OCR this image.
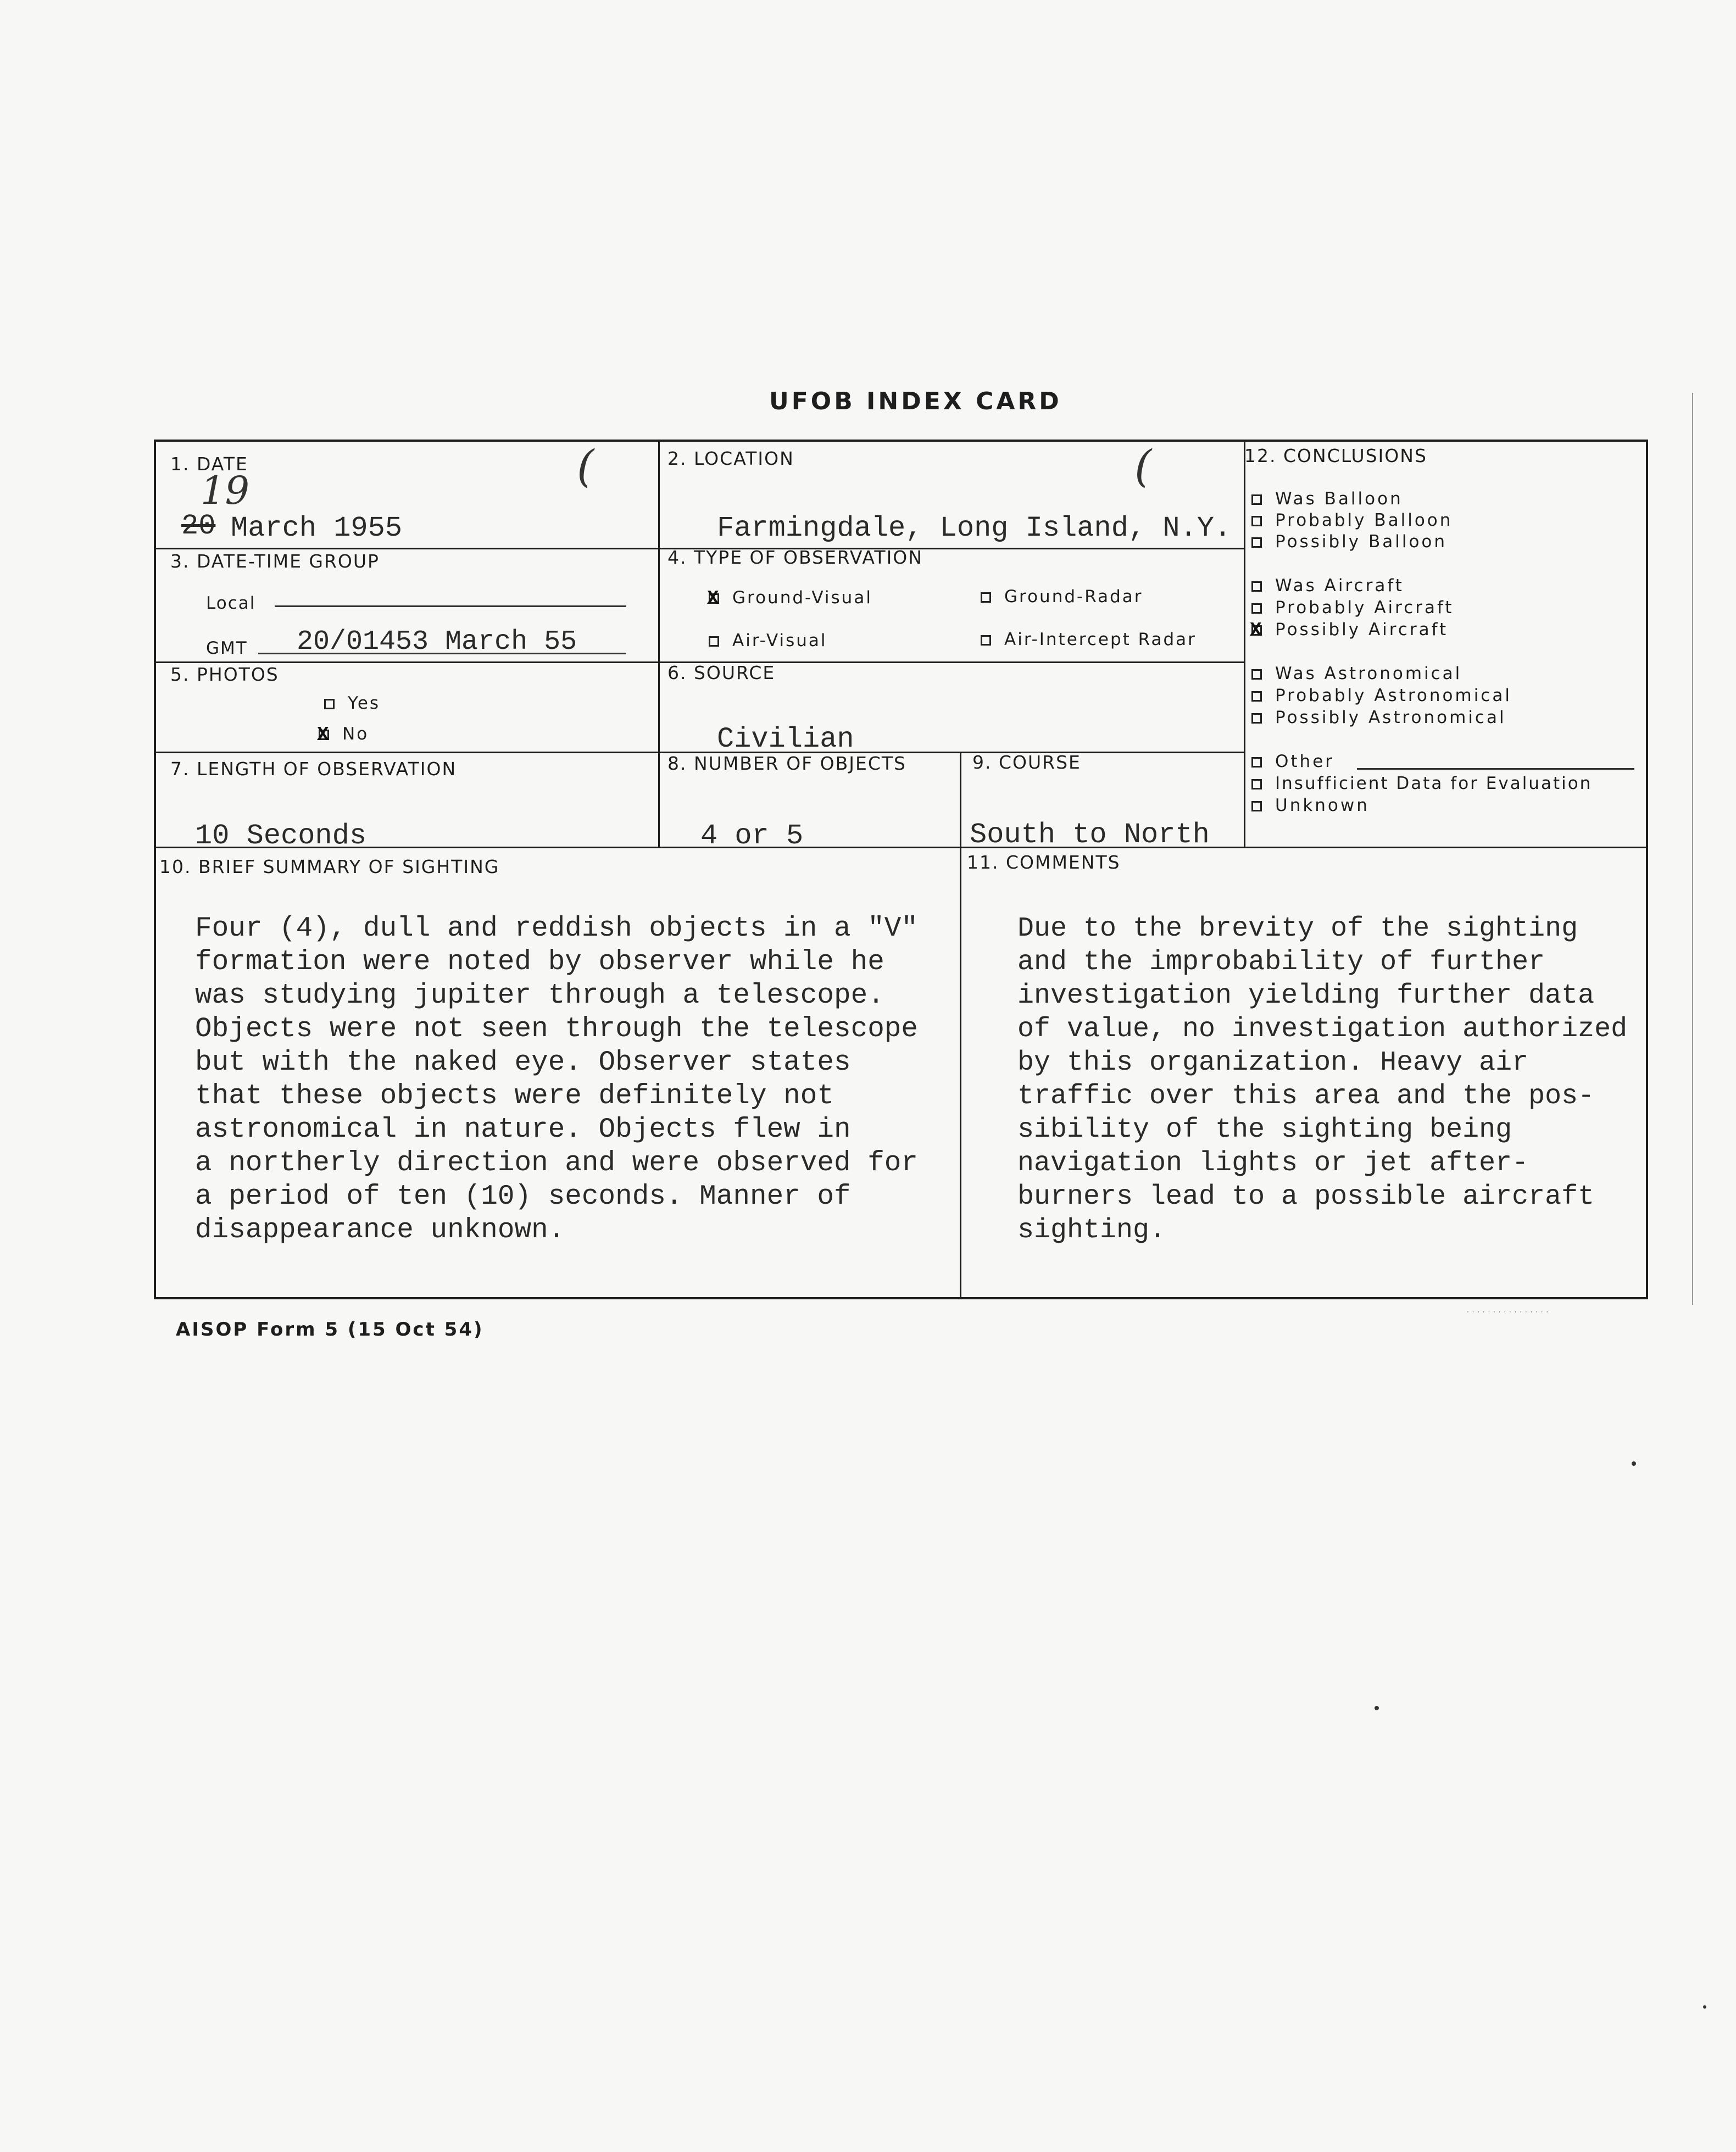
UFOB INDEX CARD
1. DATE
19
20 March 1955
(	2. LOCATION
Farmingdale, Long Island, N.Y.
(
3. DATE-TIME GROUP
Local
GMT 20/01453 March 55
4. TYPE OF OBSERVATION
XGround-Visual	Ground-Radar
Air-Visual	Air-Intercept Radar
5. PHOTOS
Yes
XNo
6. SOURCE
Civilian
7. LENGTH OF OBSERVATION
10 Seconds
8. NUMBER OF OBJECTS
4 or 5
9. COURSE
South to North
10. BRIEF SUMMARY OF SIGHTING
Four (4), dull and reddish objects in a "V"
formation were noted by observer while he
was studying jupiter through a telescope.
Objects were not seen through the telescope
but with the naked eye. Observer states
that these objects were definitely not
astronomical in nature. Objects flew in
a northerly direction and were observed for
a period of ten (10) seconds. Manner of
disappearance unknown.
11. COMMENTS
Due to the brevity of the sighting
and the improbability of further
investigation yielding further data
of value, no investigation authorized
by this organization. Heavy air
traffic over this area and the pos-
sibility of the sighting being
navigation lights or jet after-
burners lead to a possible aircraft
sighting.
12. CONCLUSIONS
Was Balloon
Probably Balloon
Possibly Balloon
Was Aircraft
Probably Aircraft
XPossibly Aircraft
Was Astronomical
Probably Astronomical
Possibly Astronomical
Other
Insufficient Data for Evaluation
Unknown
AISOP Form 5 (15 Oct 54)
· · · · · · · · · · · · · · · ·
